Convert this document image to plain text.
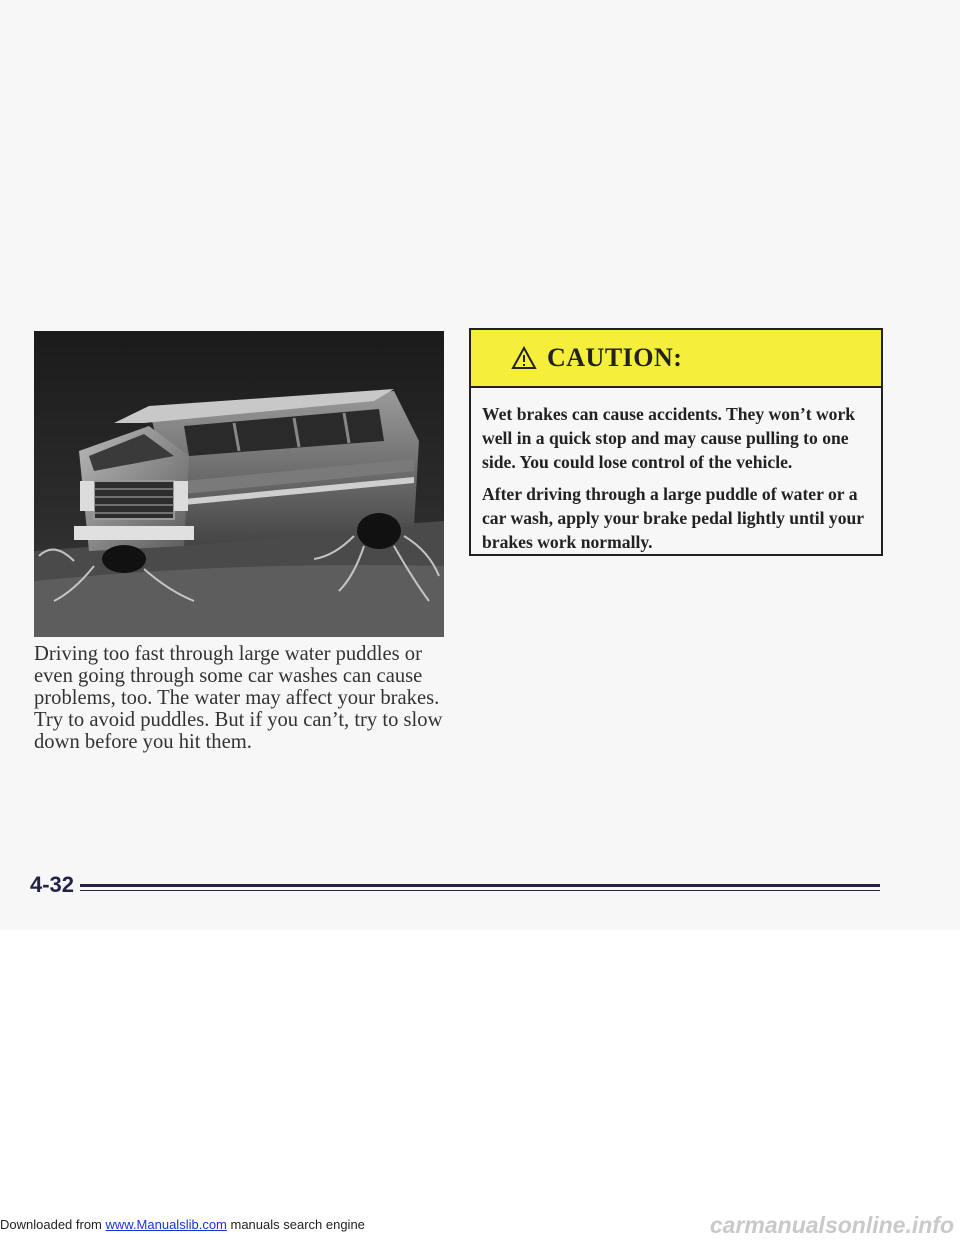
Driving too fast through large water puddles or even going through some car washes can cause problems, too. The water may affect your brakes. Try to avoid puddles. But if you can’t, try to slow down before you hit them.

CAUTION:

Wet brakes can cause accidents. They won’t work well in a quick stop and may cause pulling to one side. You could lose control of the vehicle.

After driving through a large puddle of water or a car wash, apply your brake pedal lightly until your brakes work normally.

4-32
Downloaded from www.Manualslib.com manuals search engine	carmanualsonline.info
